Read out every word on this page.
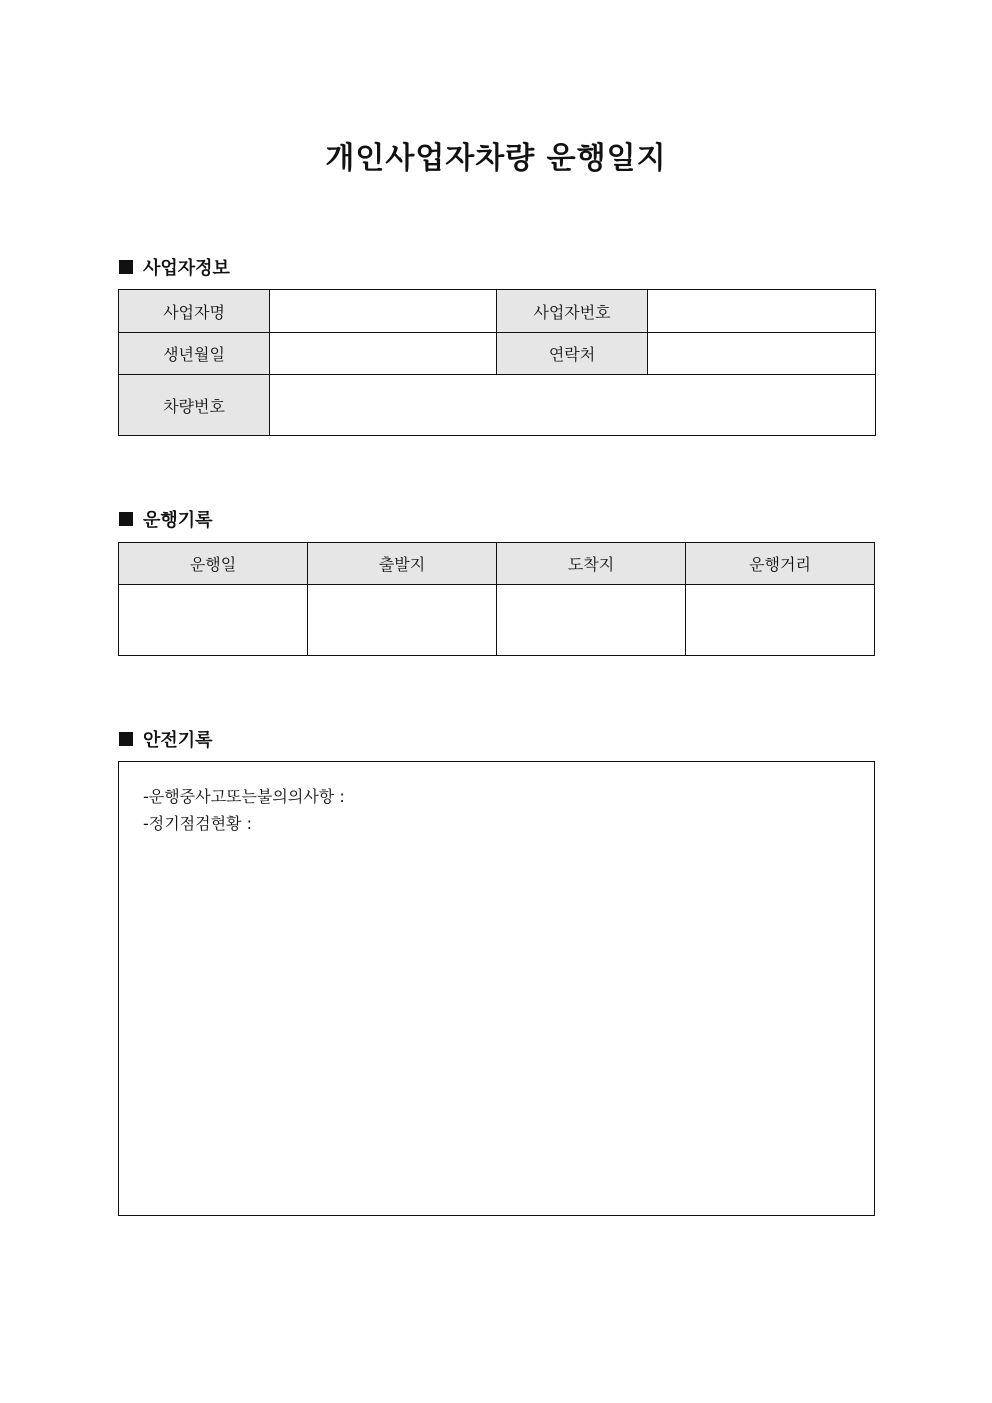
개인사업자차량 운행일지
사업자정보
사업자명		사업자번호	
생년월일		연락처	
차량번호			
운행기록
운행일	출발지	도착지	운행거리

안전기록
-운행중사고또는불의의사항 :
-정기점검현황 :
